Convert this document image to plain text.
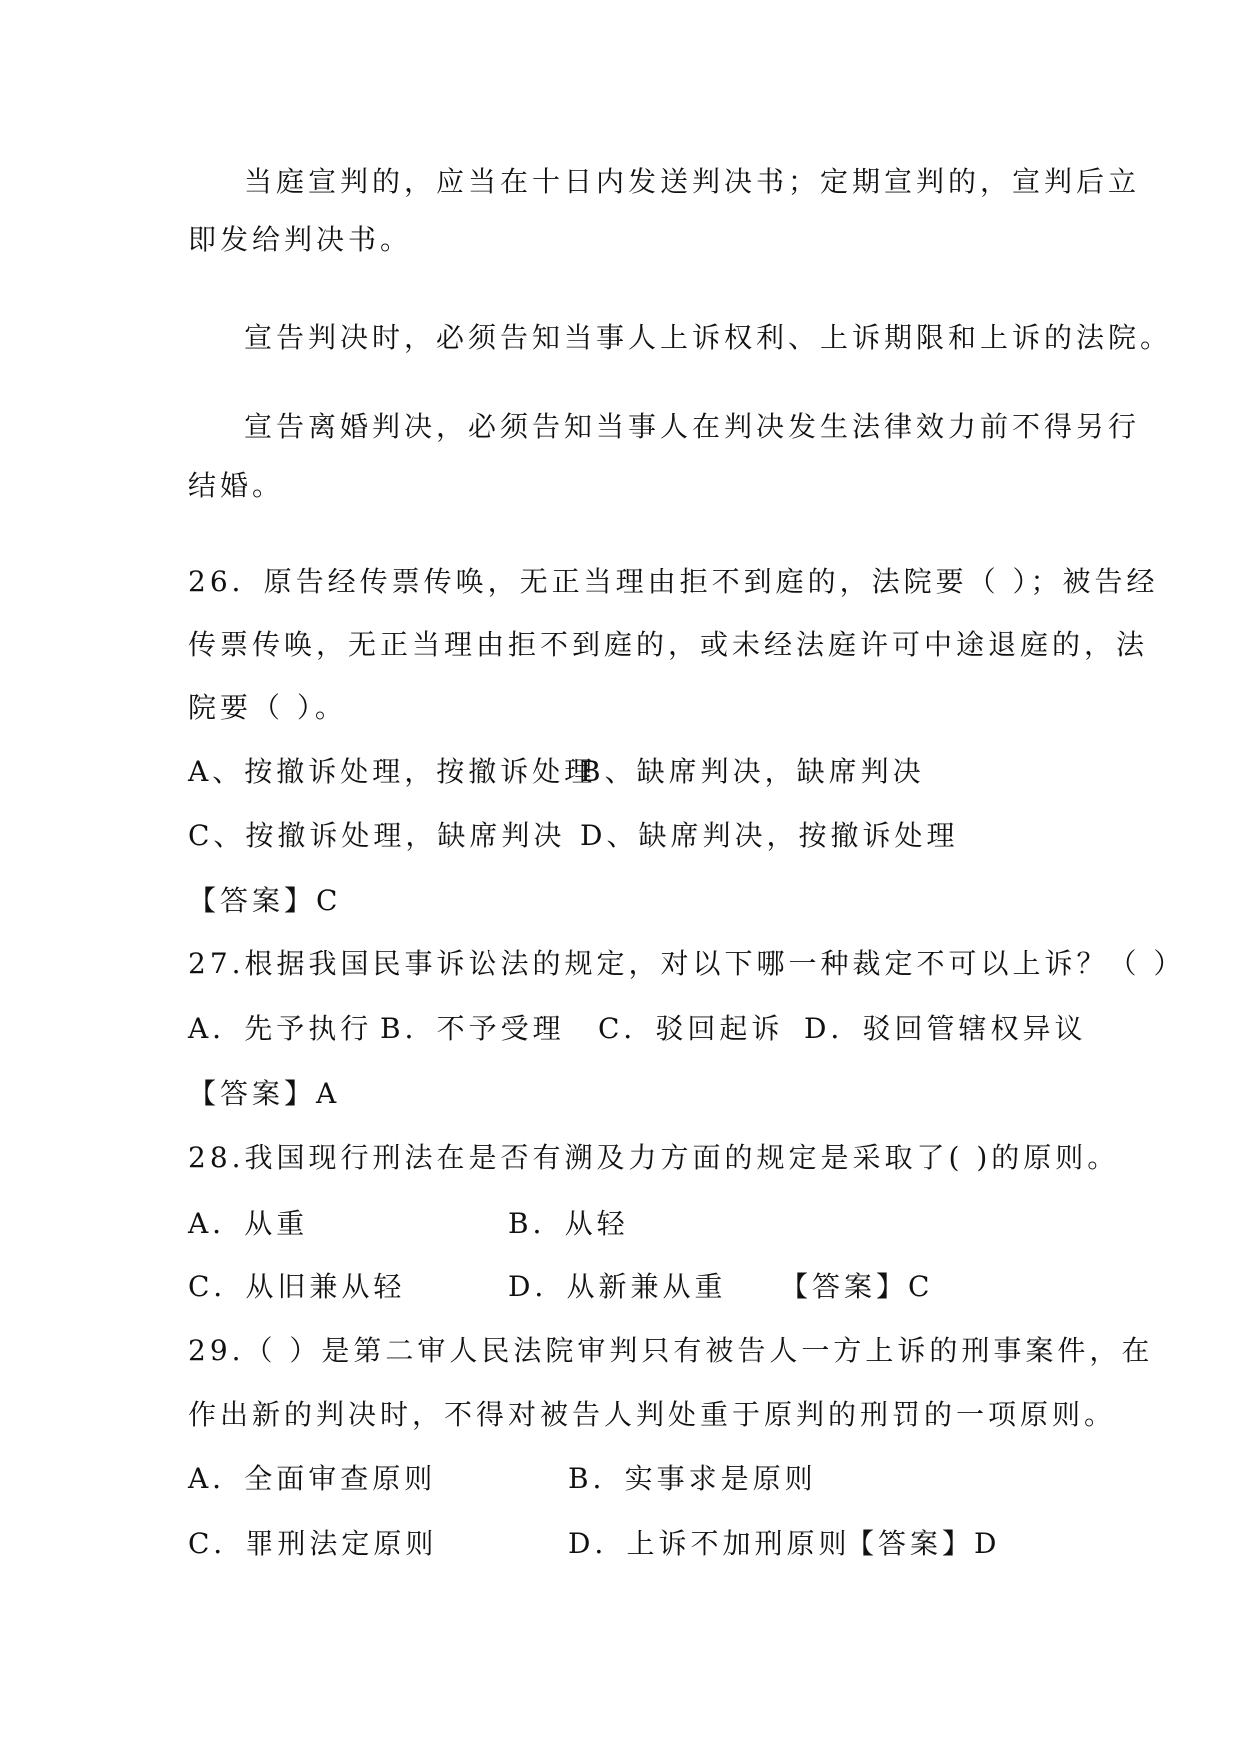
当庭宣判的，应当在十日内发送判决书；定期宣判的，宣判后立
即发给判决书。
宣告判决时，必须告知当事人上诉权利、上诉期限和上诉的法院。
宣告离婚判决，必须告知当事人在判决发生法律效力前不得另行
结婚。
26．原告经传票传唤，无正当理由拒不到庭的，法院要（ ）；被告经
传票传唤，无正当理由拒不到庭的，或未经法庭许可中途退庭的，法
院要（ ）。
A、按撤诉处理，按撤诉处理
B、缺席判决，缺席判决
C、按撤诉处理，缺席判决 D、缺席判决，按撤诉处理
【答案】C
27.根据我国民事诉讼法的规定，对以下哪一种裁定不可以上诉？（ ）
A．先予执行 B．不予受理 C．驳回起诉 D．驳回管辖权异议
【答案】A
28.我国现行刑法在是否有溯及力方面的规定是采取了( )的原则。
A．从重	B．从轻
C．从旧兼从轻	D．从新兼从重 【答案】C
29.（ ）是第二审人民法院审判只有被告人一方上诉的刑事案件，在
作出新的判决时，不得对被告人判处重于原判的刑罚的一项原则。
A．全面审查原则	B．实事求是原则
C．罪刑法定原则	D．上诉不加刑原则
【答案】D
